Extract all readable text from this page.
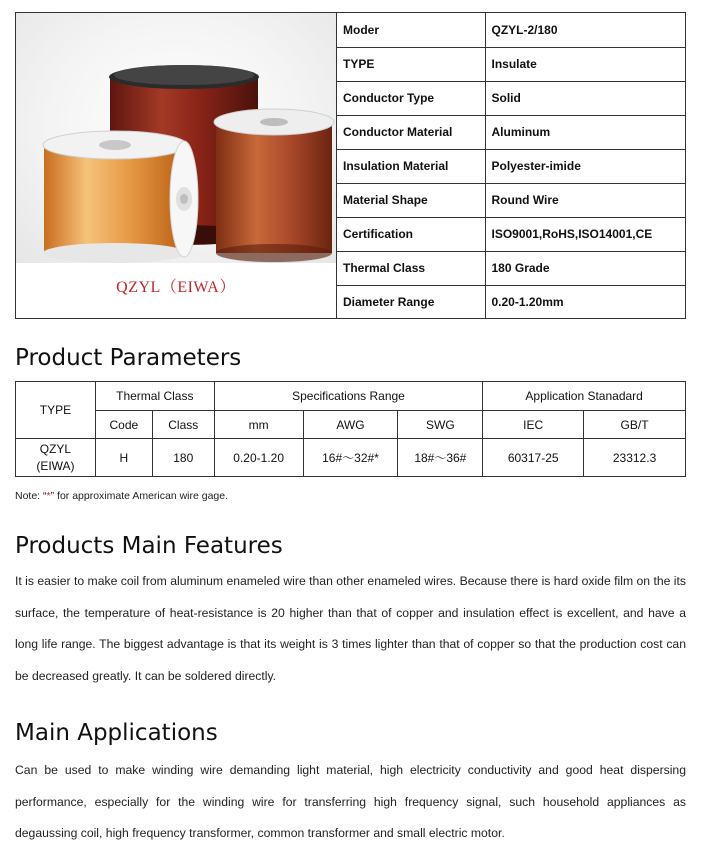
QZYL（EIWA）
Moder	QZYL-2/180
TYPE	Insulate
Conductor Type	Solid
Conductor Material	Aluminum
Insulation Material	Polyester-imide
Material Shape	Round Wire
Certification	ISO9001,RoHS,ISO14001,CE
Thermal Class	180 Grade
Diameter Range	0.20-1.20mm
Product Parameters
TYPE	Thermal Class		Specifications Range			Application Stanadard	
	Code	Class	mm	AWG	SWG	IEC	GB/T
QZYL
(EIWA)	H	180	0.20-1.20	16#～32#*	18#～36#	60317-25	23312.3
Note: “*” for approximate American wire gage.
Products Main Features

It is easier to make coil from aluminum enameled wire than other enameled wires. Because there is hard oxide film on the its surface, the temperature of heat-resistance is 20 higher than that of copper and insulation effect is excellent, and have a long life range. The biggest advantage is that its weight is 3 times lighter than that of copper so that the production cost can be decreased greatly. It can be soldered directly.

Main Applications

Can be used to make winding wire demanding light material, high electricity conductivity and good heat dispersing performance, especially for the winding wire for transferring high frequency signal, such household appliances as degaussing coil, high frequency transformer, common transformer and small electric motor.
